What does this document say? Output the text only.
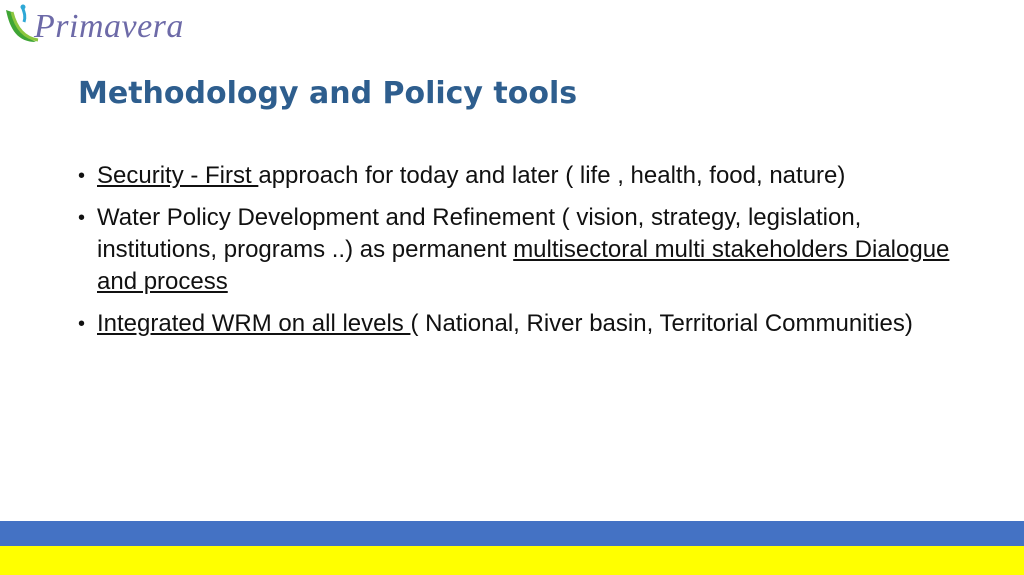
Primavera
Methodology and Policy tools
• Security - First approach for today and later ( life , health, food, nature)
• Water Policy Development and Refinement ( vision, strategy, legislation, institutions, programs ..) as permanent multisectoral multi stakeholders Dialogue and process
• Integrated WRM on all levels ( National, River basin, Territorial Communities)
